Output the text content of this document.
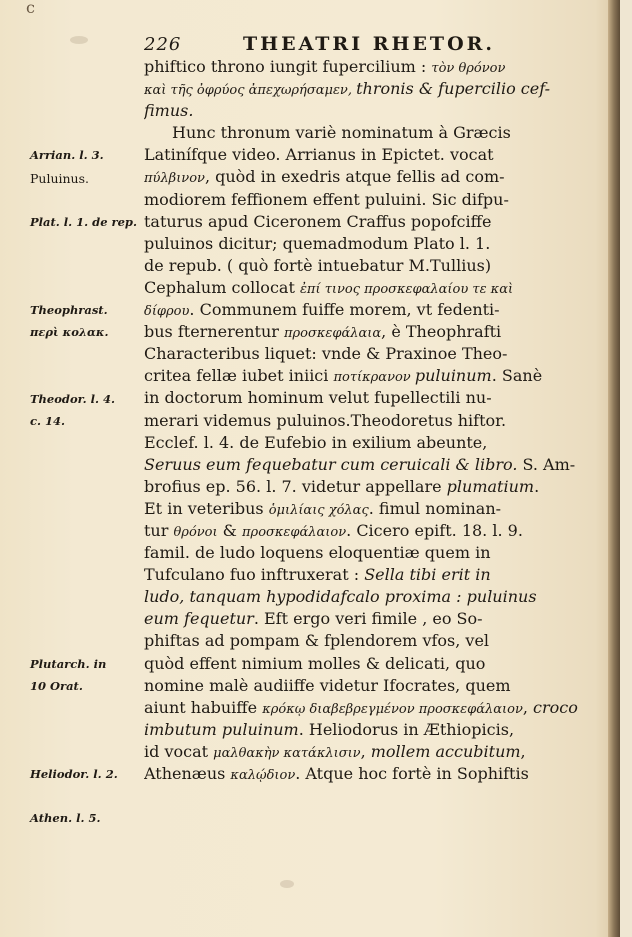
c
226	THEATRI RHETOR.
Arrian. l. 3.
Puluinus.
Plat. l. 1. de rep.
Theophrast.
περὶ κολακ.
Theodor. l. 4.
c. 14.
Plutarch. in
10 Orat.
Heliodor. l. 2.
Athen. l. 5.
phiftico throno iungit fupercilium : τὸν θρόνον
καὶ τῆς ὀφρύος ἀπεχωρήσαμεν, thronis & fupercilio cef-
fimus.
Hunc thronum variè nominatum à Græcis
Latinífque video. Arrianus in Epictet. vocat
πύλβινον, quòd in exedris atque fellis ad com-
modiorem feffionem effent puluini. Sic difpu-
taturus apud Ciceronem Craffus popofciffe
puluinos dicitur; quemadmodum Plato l. 1.
de repub. ( quò fortè intuebatur M.Tullius)
Cephalum collocat ἐπί τινος προσκεφαλαίου τε καὶ
δίφρου. Communem fuiffe morem, vt fedenti-
bus fternerentur προσκεφάλαια, è Theophrafti
Characteribus liquet: vnde & Praxinoe Theo-
critea fellæ iubet iniici ποτίκρανον puluinum. Sanè
in doctorum hominum velut fupellectili nu-
merari videmus puluinos.Theodoretus hiftor.
Ecclef. l. 4. de Eufebio in exilium abeunte,
Seruus eum fequebatur cum ceruicali & libro. S. Am-
brofius ep. 56. l. 7. videtur appellare plumatium.
Et in veteribus ὁμιλίαις χόλας. fimul nominan-
tur θρόνοι & προσκεφάλαιον. Cicero epift. 18. l. 9.
famil. de ludo loquens eloquentiæ quem in
Tufculano fuo inftruxerat : Sella tibi erit in
ludo, tanquam hypodidafcalo proxima : puluinus
eum fequetur. Eft ergo veri fimile , eo So-
phiftas ad pompam & fplendorem vfos, vel
quòd effent nimium molles & delicati, quo
nomine malè audiiffe videtur Ifocrates, quem
aiunt habuiffe κρόκῳ διαβεβρεγμένον προσκεφάλαιον, croco
imbutum puluinum. Heliodorus in Æthiopicis,
id vocat μαλθακὴν κατάκλισιν, mollem accubitum,
Athenæus καλῴδιον. Atque hoc fortè in Sophiftis
